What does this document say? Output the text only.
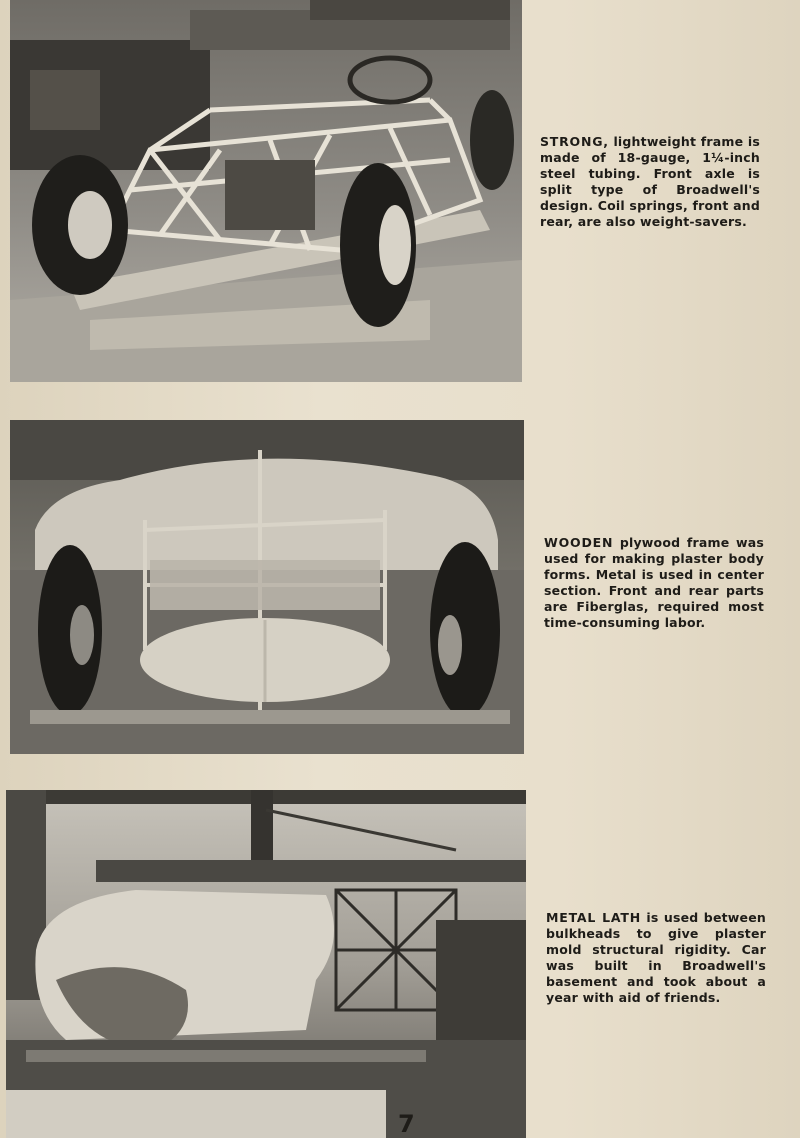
7
STRONG, lightweight frame is made of 18-gauge, 1¼-inch steel tubing. Front axle is split type of Broadwell's design. Coil springs, front and rear, are also weight-savers.
WOODEN plywood frame was used for making plaster body forms. Metal is used in center section. Front and rear parts are Fiberglas, required most time-consuming labor.
METAL LATH is used between bulkheads to give plaster mold structural rigidity. Car was built in Broadwell's basement and took about a year with aid of friends.
